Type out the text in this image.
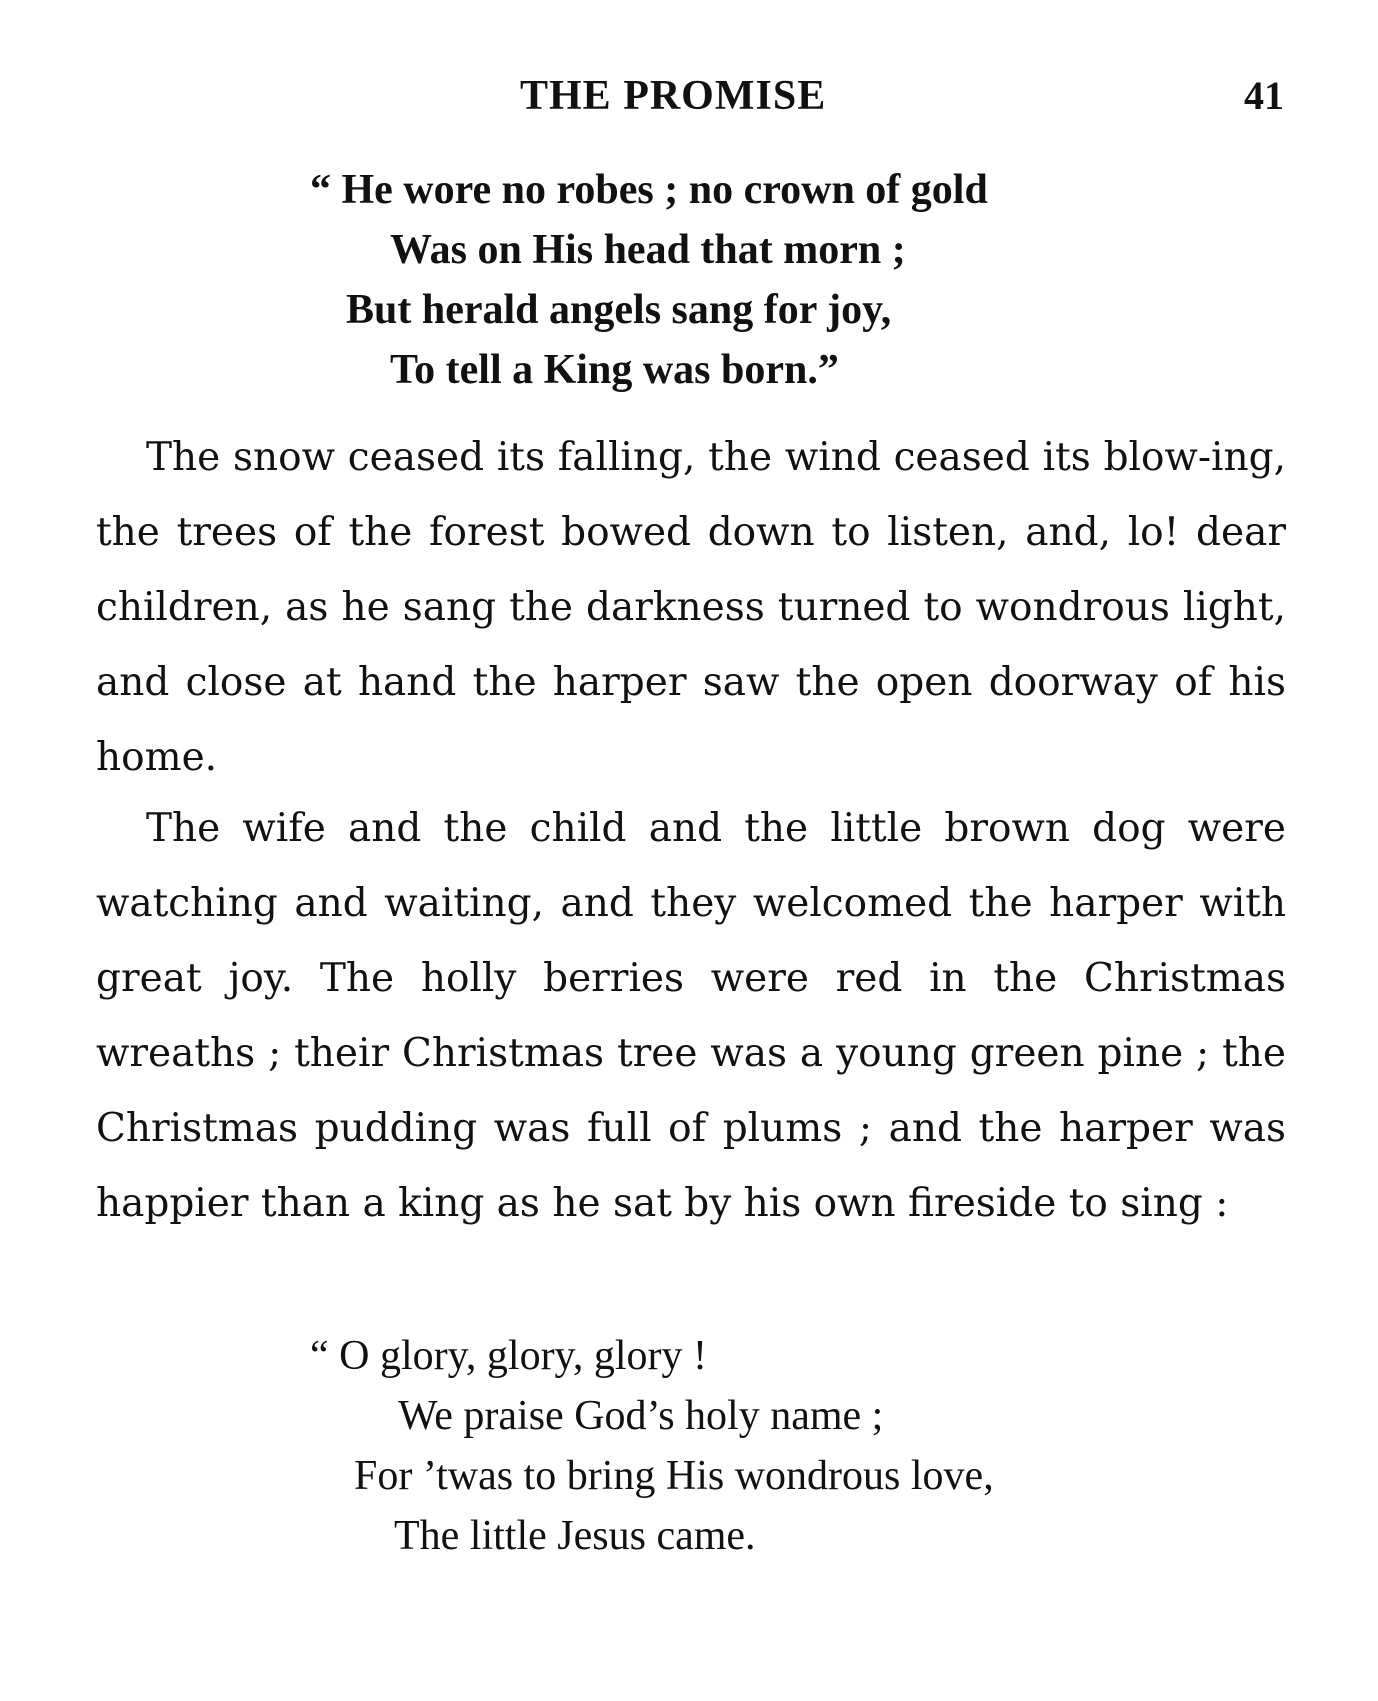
THE PROMISE	41
“ He wore no robes ; no crown of gold
Was on His head that morn ;
But herald angels sang for joy,
To tell a King was born.”

The snow ceased its falling, the wind ceased its blow-ing, the trees of the forest bowed down to listen, and, lo! dear children, as he sang the darkness turned to wondrous light, and close at hand the harper saw the open doorway of his home.

The wife and the child and the little brown dog were watching and waiting, and they welcomed the harper with great joy. The holly berries were red in the Christmas wreaths ; their Christmas tree was a young green pine ; the Christmas pudding was full of plums ; and the harper was happier than a king as he sat by his own fireside to sing :

“ O glory, glory, glory !
We praise God’s holy name ;
For ’twas to bring His wondrous love,
The little Jesus came.
